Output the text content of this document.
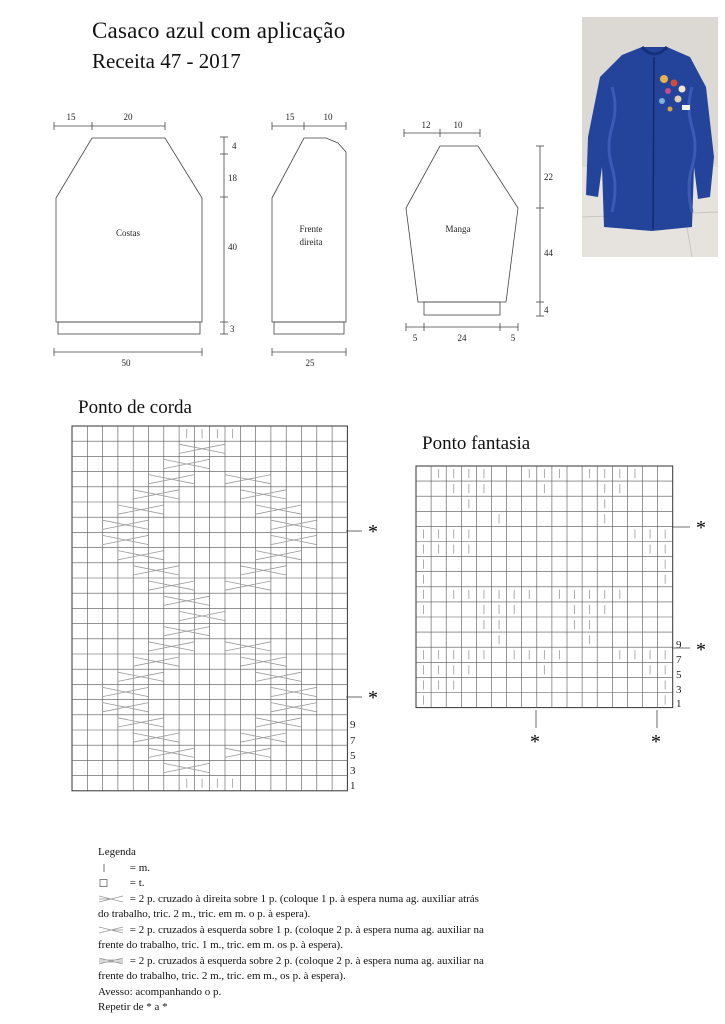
Casaco azul com aplicação
Receita 47 - 2017
15	20
4
18
40
3
50
Costas
15	10
25
Frente
direita
12	10
22
44
4
5	24	5
Manga
Ponto de corda
Ponto fantasia
*
*
9
7
5
3
1
*
*
*	*
9
7
5
3
1
Legenda
= m.
= t.
= 2 p. cruzado à direita sobre 1 p. (coloque 1 p. à espera numa ag. auxiliar atrás
do trabalho, tric. 2 m., tric. em m. o p. à espera).
= 2 p. cruzados à esquerda sobre 1 p. (coloque 2 p. à espera numa ag. auxiliar na
frente do trabalho, tric. 1 m., tric. em m. os p. à espera).
= 2 p. cruzados à esquerda sobre 2 p. (coloque 2 p. à espera numa ag. auxiliar na
frente do trabalho, tric. 2 m., tric. em m., os p. à espera).
Avesso: acompanhando o p.
Repetir de * a *
